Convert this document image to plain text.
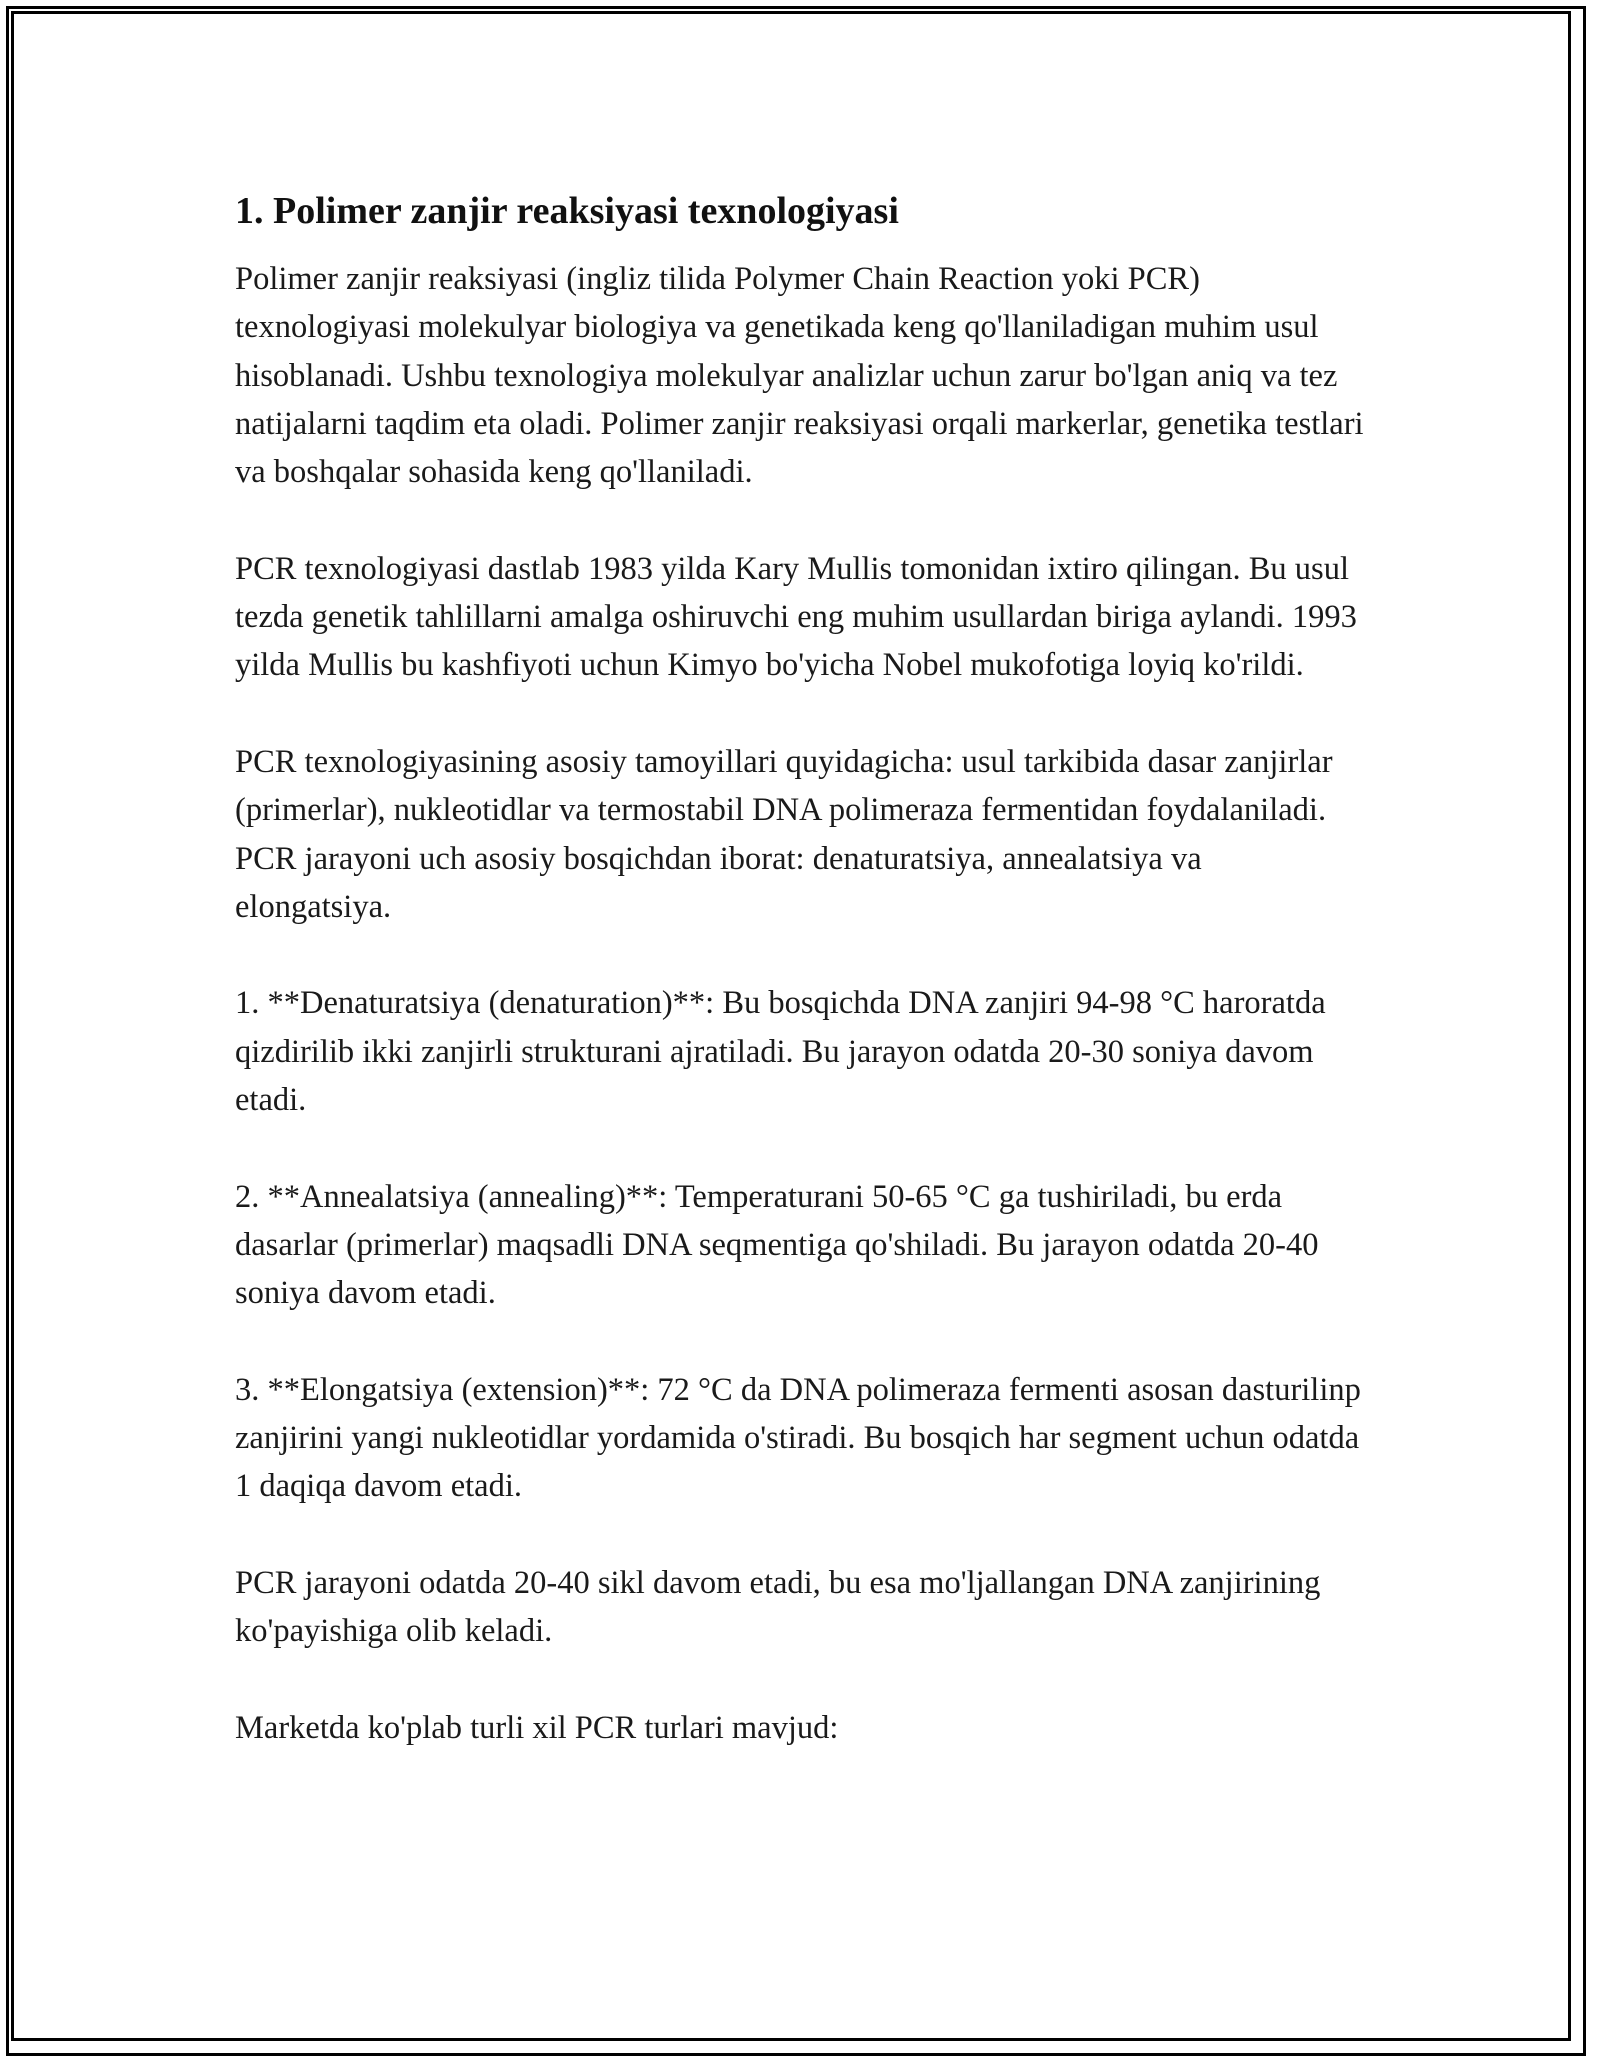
1. Polimer zanjir reaksiyasi texnologiyasi

Polimer zanjir reaksiyasi (ingliz tilida Polymer Chain Reaction yoki PCR) texnologiyasi molekulyar biologiya va genetikada keng qo'llaniladigan muhim usul hisoblanadi. Ushbu texnologiya molekulyar analizlar uchun zarur bo'lgan aniq va tez natijalarni taqdim eta oladi. Polimer zanjir reaksiyasi orqali markerlar, genetika testlari va boshqalar sohasida keng qo'llaniladi.

PCR texnologiyasi dastlab 1983 yilda Kary Mullis tomonidan ixtiro qilingan. Bu usul tezda genetik tahlillarni amalga oshiruvchi eng muhim usullardan biriga aylandi. 1993 yilda Mullis bu kashfiyoti uchun Kimyo bo'yicha Nobel mukofotiga loyiq ko'rildi.

PCR texnologiyasining asosiy tamoyillari quyidagicha: usul tarkibida dasar zanjirlar (primerlar), nukleotidlar va termostabil DNA polimeraza fermentidan foydalaniladi. PCR jarayoni uch asosiy bosqichdan iborat: denaturatsiya, annealatsiya va elongatsiya.

1. **Denaturatsiya (denaturation)**: Bu bosqichda DNA zanjiri 94-98 °C haroratda qizdirilib ikki zanjirli strukturani ajratiladi. Bu jarayon odatda 20-30 soniya davom etadi.

2. **Annealatsiya (annealing)**: Temperaturani 50-65 °C ga tushiriladi, bu erda dasarlar (primerlar) maqsadli DNA seqmentiga qo'shiladi. Bu jarayon odatda 20-40 soniya davom etadi.

3. **Elongatsiya (extension)**: 72 °C da DNA polimeraza fermenti asosan dasturilinp zanjirini yangi nukleotidlar yordamida o'stiradi. Bu bosqich har segment uchun odatda 1 daqiqa davom etadi.

PCR jarayoni odatda 20-40 sikl davom etadi, bu esa mo'ljallangan DNA zanjirining ko'payishiga olib keladi.

Marketda ko'plab turli xil PCR turlari mavjud:
